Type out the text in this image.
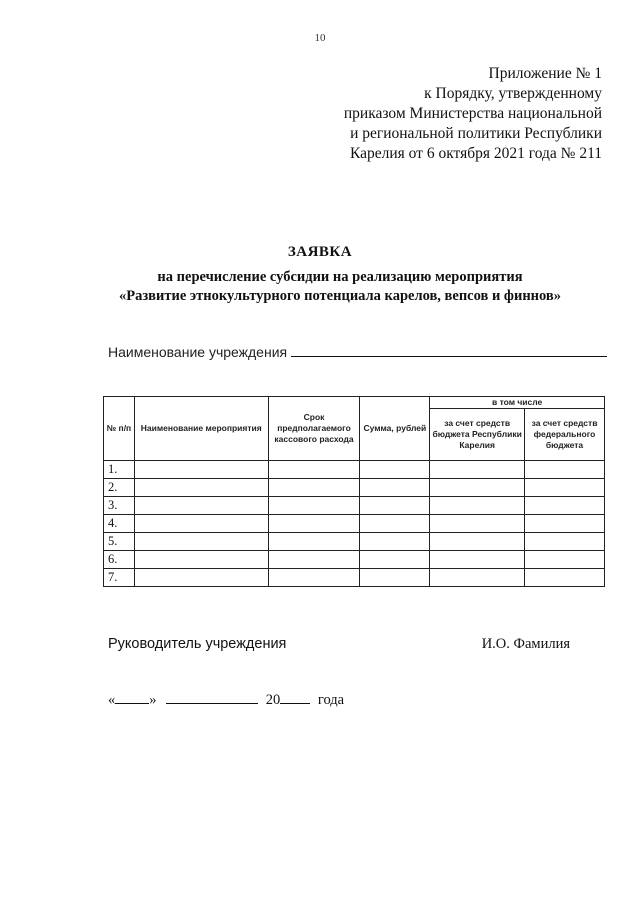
10
Приложение № 1
к Порядку, утвержденному
приказом Министерства национальной
и региональной политики Республики
Карелия от 6 октября 2021 года № 211
ЗАЯВКА
на перечисление субсидии на реализацию мероприятия
«Развитие этнокультурного потенциала карелов, вепсов и финнов»
Наименование учреждения
№ п/п	Наименование мероприятия	Срок предполагаемого кассового расхода	Сумма, рублей	в том числе	
				за счет средств бюджета Республики Карелия	за счет средств федерального бюджета
1.					
2.					
3.					
4.					
5.					
6.					
7.					
Руководитель учреждения	И.О. Фамилия
« »	20	года
